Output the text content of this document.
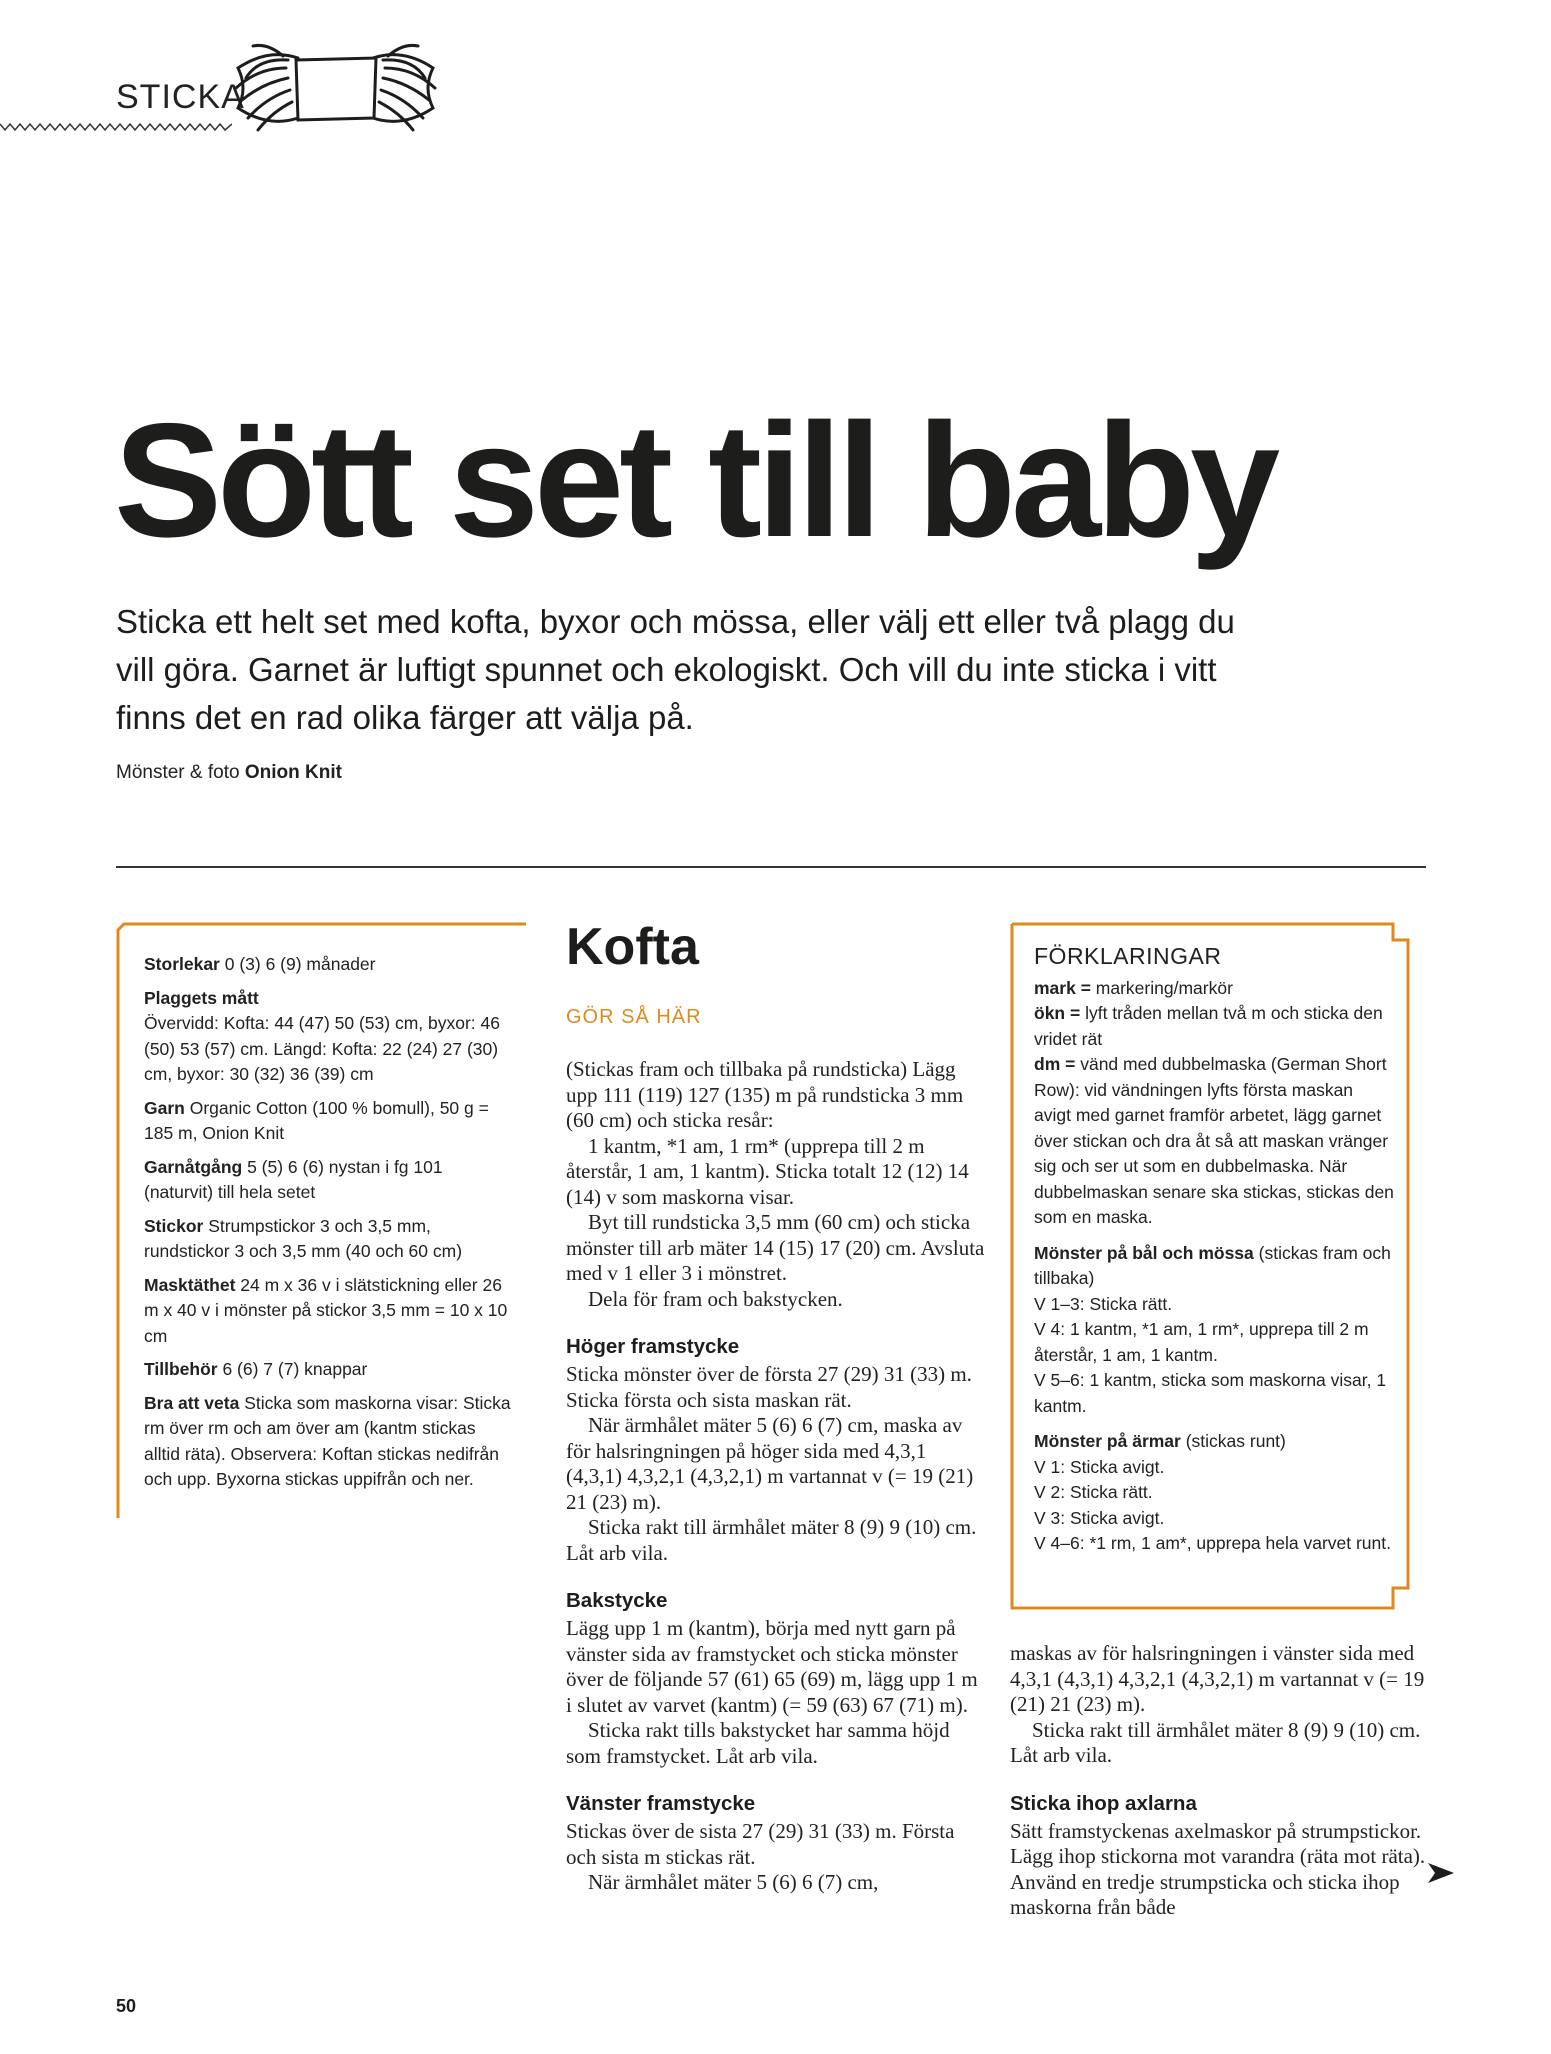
STICKA
Sött set till baby
Sticka ett helt set med kofta, byxor och mössa, eller välj ett eller två plagg du vill göra. Garnet är luftigt spunnet och ekologiskt. Och vill du inte sticka i vitt finns det en rad olika färger att välja på.
Mönster & foto Onion Knit

Storlekar 0 (3) 6 (9) månader

Plaggets mått
Övervidd: Kofta: 44 (47) 50 (53) cm, byxor: 46 (50) 53 (57) cm. Längd: Kofta: 22 (24) 27 (30) cm, byxor: 30 (32) 36 (39) cm

Garn Organic Cotton (100 % bomull), 50 g = 185 m, Onion Knit

Garnåtgång 5 (5) 6 (6) nystan i fg 101 (naturvit) till hela setet

Stickor Strumpstickor 3 och 3,5 mm, rundstickor 3 och 3,5 mm (40 och 60 cm)

Masktäthet 24 m x 36 v i slätstickning eller 26 m x 40 v i mönster på stickor 3,5 mm = 10 x 10 cm

Tillbehör 6 (6) 7 (7) knappar

Bra att veta Sticka som maskorna visar: Sticka rm över rm och am över am (kantm stickas alltid räta). Observera: Koftan stickas nedifrån och upp. Byxorna stickas uppifrån och ner.

Kofta
GÖR SÅ HÄR

(Stickas fram och tillbaka på rundsticka) Lägg upp 111 (119) 127 (135) m på rundsticka 3 mm (60 cm) och sticka resår:

1 kantm, *1 am, 1 rm* (upprepa till 2 m återstår, 1 am, 1 kantm). Sticka totalt 12 (12) 14 (14) v som maskorna visar.

Byt till rundsticka 3,5 mm (60 cm) och sticka mönster till arb mäter 14 (15) 17 (20) cm. Avsluta med v 1 eller 3 i mönstret.

Dela för fram och bakstycken.

Höger framstycke

Sticka mönster över de första 27 (29) 31 (33) m. Sticka första och sista maskan rät.

När ärmhålet mäter 5 (6) 6 (7) cm, maska av för halsringningen på höger sida med 4,3,1 (4,3,1) 4,3,2,1 (4,3,2,1) m vartannat v (= 19 (21) 21 (23) m).

Sticka rakt till ärmhålet mäter 8 (9) 9 (10) cm. Låt arb vila.

Bakstycke

Lägg upp 1 m (kantm), börja med nytt garn på vänster sida av framstycket och sticka mönster över de följande 57 (61) 65 (69) m, lägg upp 1 m i slutet av varvet (kantm) (= 59 (63) 67 (71) m).

Sticka rakt tills bakstycket har samma höjd som framstycket. Låt arb vila.

Vänster framstycke

Stickas över de sista 27 (29) 31 (33) m. Första och sista m stickas rät.

När ärmhålet mäter 5 (6) 6 (7) cm,

FÖRKLARINGAR

mark = markering/markör

ökn = lyft tråden mellan två m och sticka den vridet rät

dm = vänd med dubbelmaska (German Short Row): vid vändningen lyfts första maskan avigt med garnet framför arbetet, lägg garnet över stickan och dra åt så att maskan vränger sig och ser ut som en dubbelmaska. När dubbelmaskan senare ska stickas, stickas den som en maska.

Mönster på bål och mössa (stickas fram och tillbaka)

V 1–3: Sticka rätt.

V 4: 1 kantm, *1 am, 1 rm*, upprepa till 2 m återstår, 1 am, 1 kantm.

V 5–6: 1 kantm, sticka som maskorna visar, 1 kantm.

Mönster på ärmar (stickas runt)

V 1: Sticka avigt.

V 2: Sticka rätt.

V 3: Sticka avigt.

V 4–6: *1 rm, 1 am*, upprepa hela varvet runt.

maskas av för halsringningen i vänster sida med 4,3,1 (4,3,1) 4,3,2,1 (4,3,2,1) m vartannat v (= 19 (21) 21 (23) m).

Sticka rakt till ärmhålet mäter 8 (9) 9 (10) cm. Låt arb vila.

Sticka ihop axlarna

Sätt framstyckenas axelmaskor på strumpstickor. Lägg ihop stickorna mot varandra (räta mot räta). Använd en tredje strumpsticka och sticka ihop maskorna från både

50
